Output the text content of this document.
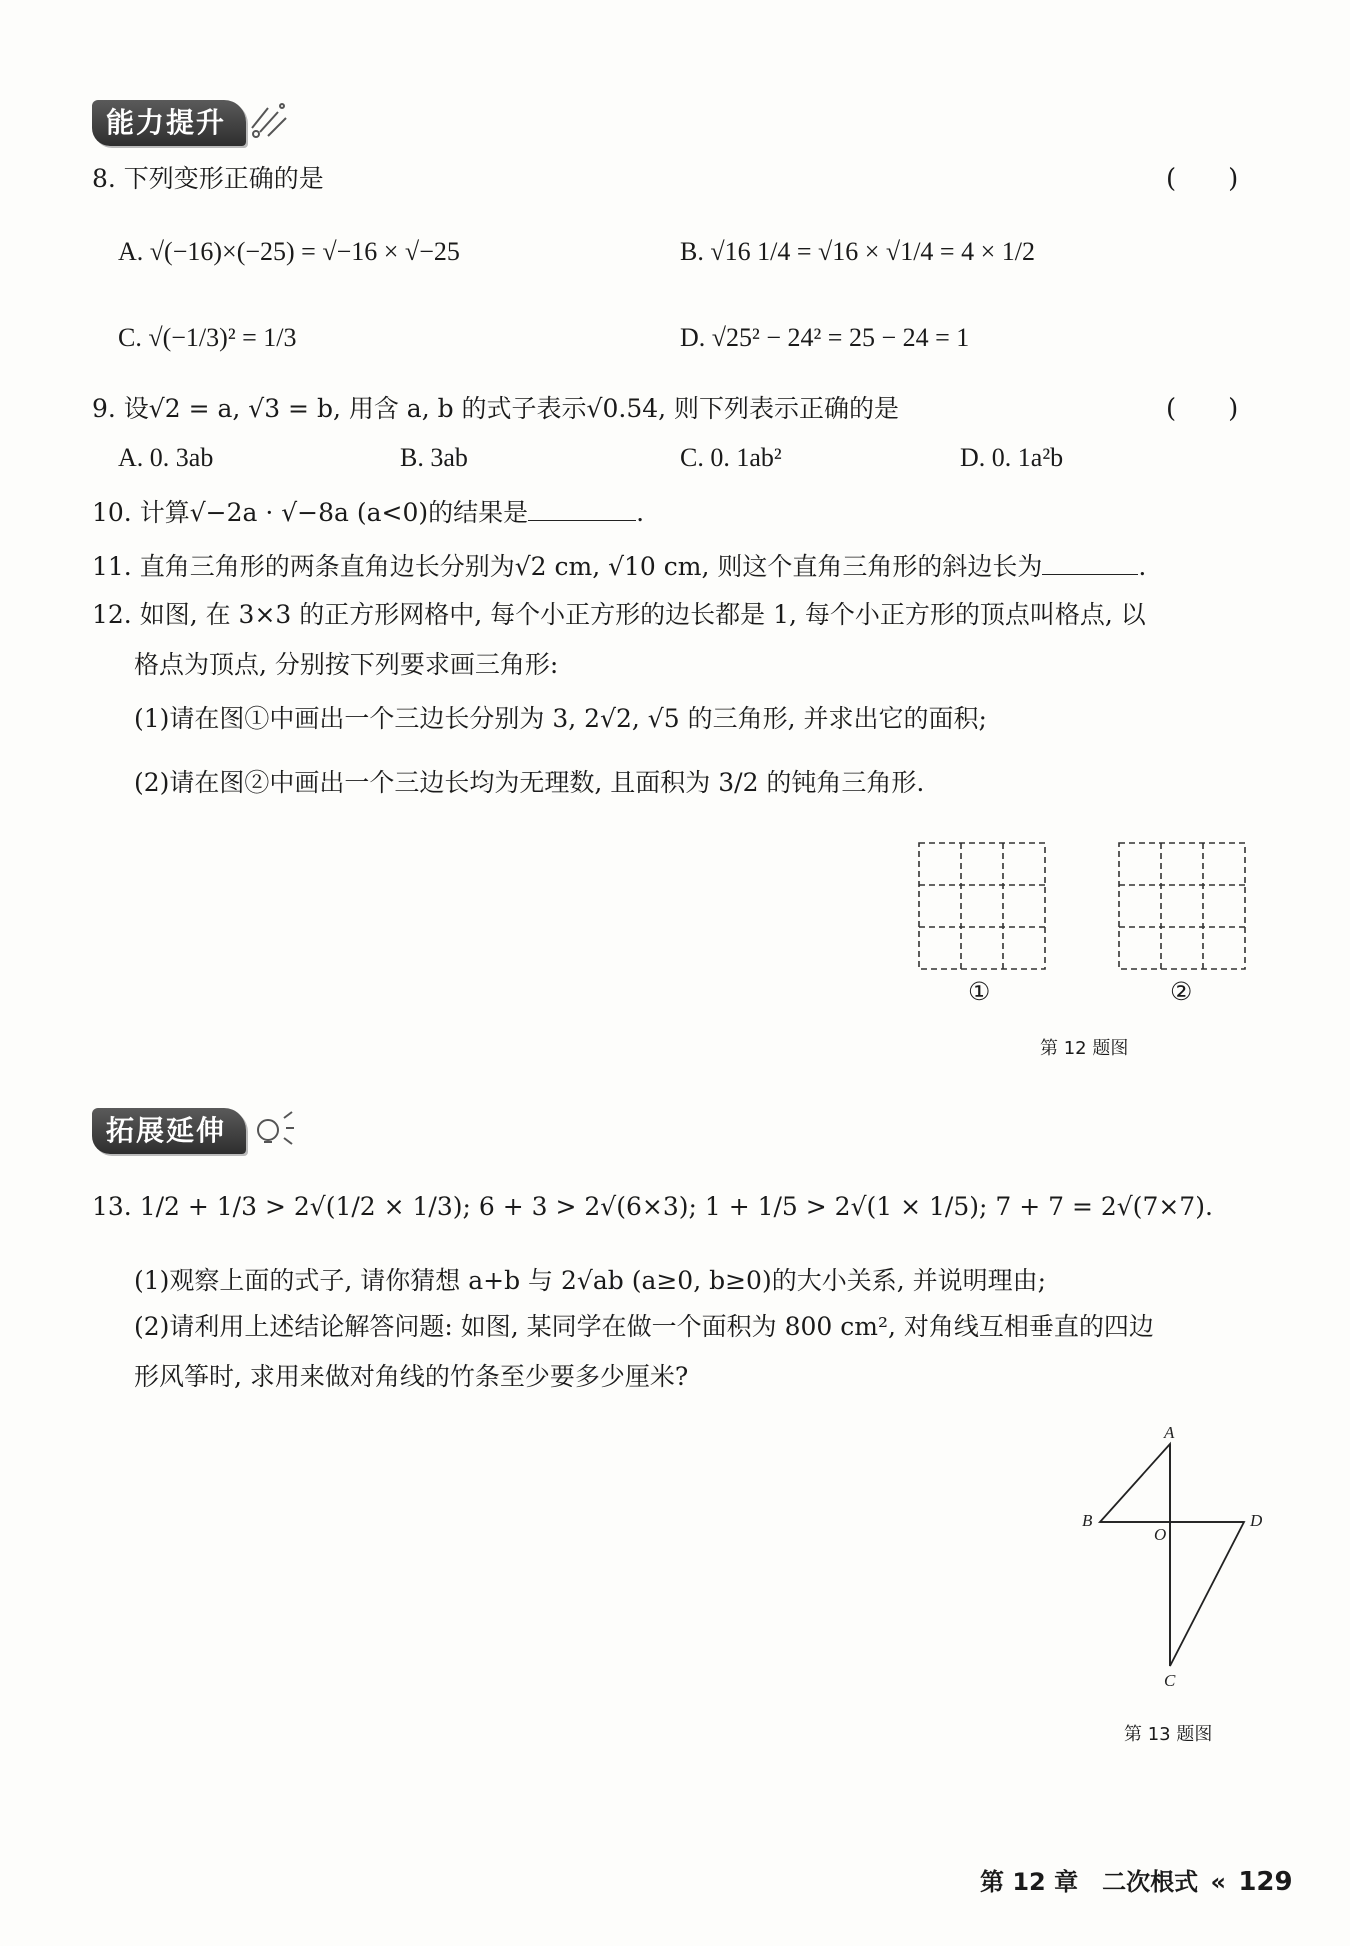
能力提升
8. 下列变形正确的是	(　　)
A. √(−16)×(−25) = √−16 × √−25	B. √16 1/4 = √16 × √1/4 = 4 × 1/2
C. √(−1/3)² = 1/3	D. √25² − 24² = 25 − 24 = 1
9. 设√2 = a, √3 = b, 用含 a, b 的式子表示√0.54, 则下列表示正确的是	(　　)
A. 0. 3ab	B. 3ab	C. 0. 1ab²	D. 0. 1a²b
10. 计算√−2a · √−8a (a<0)的结果是	.
11. 直角三角形的两条直角边长分别为√2 cm, √10 cm, 则这个直角三角形的斜边长为	.
12. 如图, 在 3×3 的正方形网格中, 每个小正方形的边长都是 1, 每个小正方形的顶点叫格点, 以
格点为顶点, 分别按下列要求画三角形:
(1)请在图①中画出一个三边长分别为 3, 2√2, √5 的三角形, 并求出它的面积;
(2)请在图②中画出一个三边长均为无理数, 且面积为 3/2 的钝角三角形.
①	②
第 12 题图
拓展延伸
13. 1/2 + 1/3 > 2√(1/2 × 1/3); 6 + 3 > 2√(6×3); 1 + 1/5 > 2√(1 × 1/5); 7 + 7 = 2√(7×7).
(1)观察上面的式子, 请你猜想 a+b 与 2√ab (a≥0, b≥0)的大小关系, 并说明理由;
(2)请利用上述结论解答问题: 如图, 某同学在做一个面积为 800 cm², 对角线互相垂直的四边
形风筝时, 求用来做对角线的竹条至少要多少厘米?
A
B	D
C
O
第 13 题图
第 12 章　二次根式 « 129
